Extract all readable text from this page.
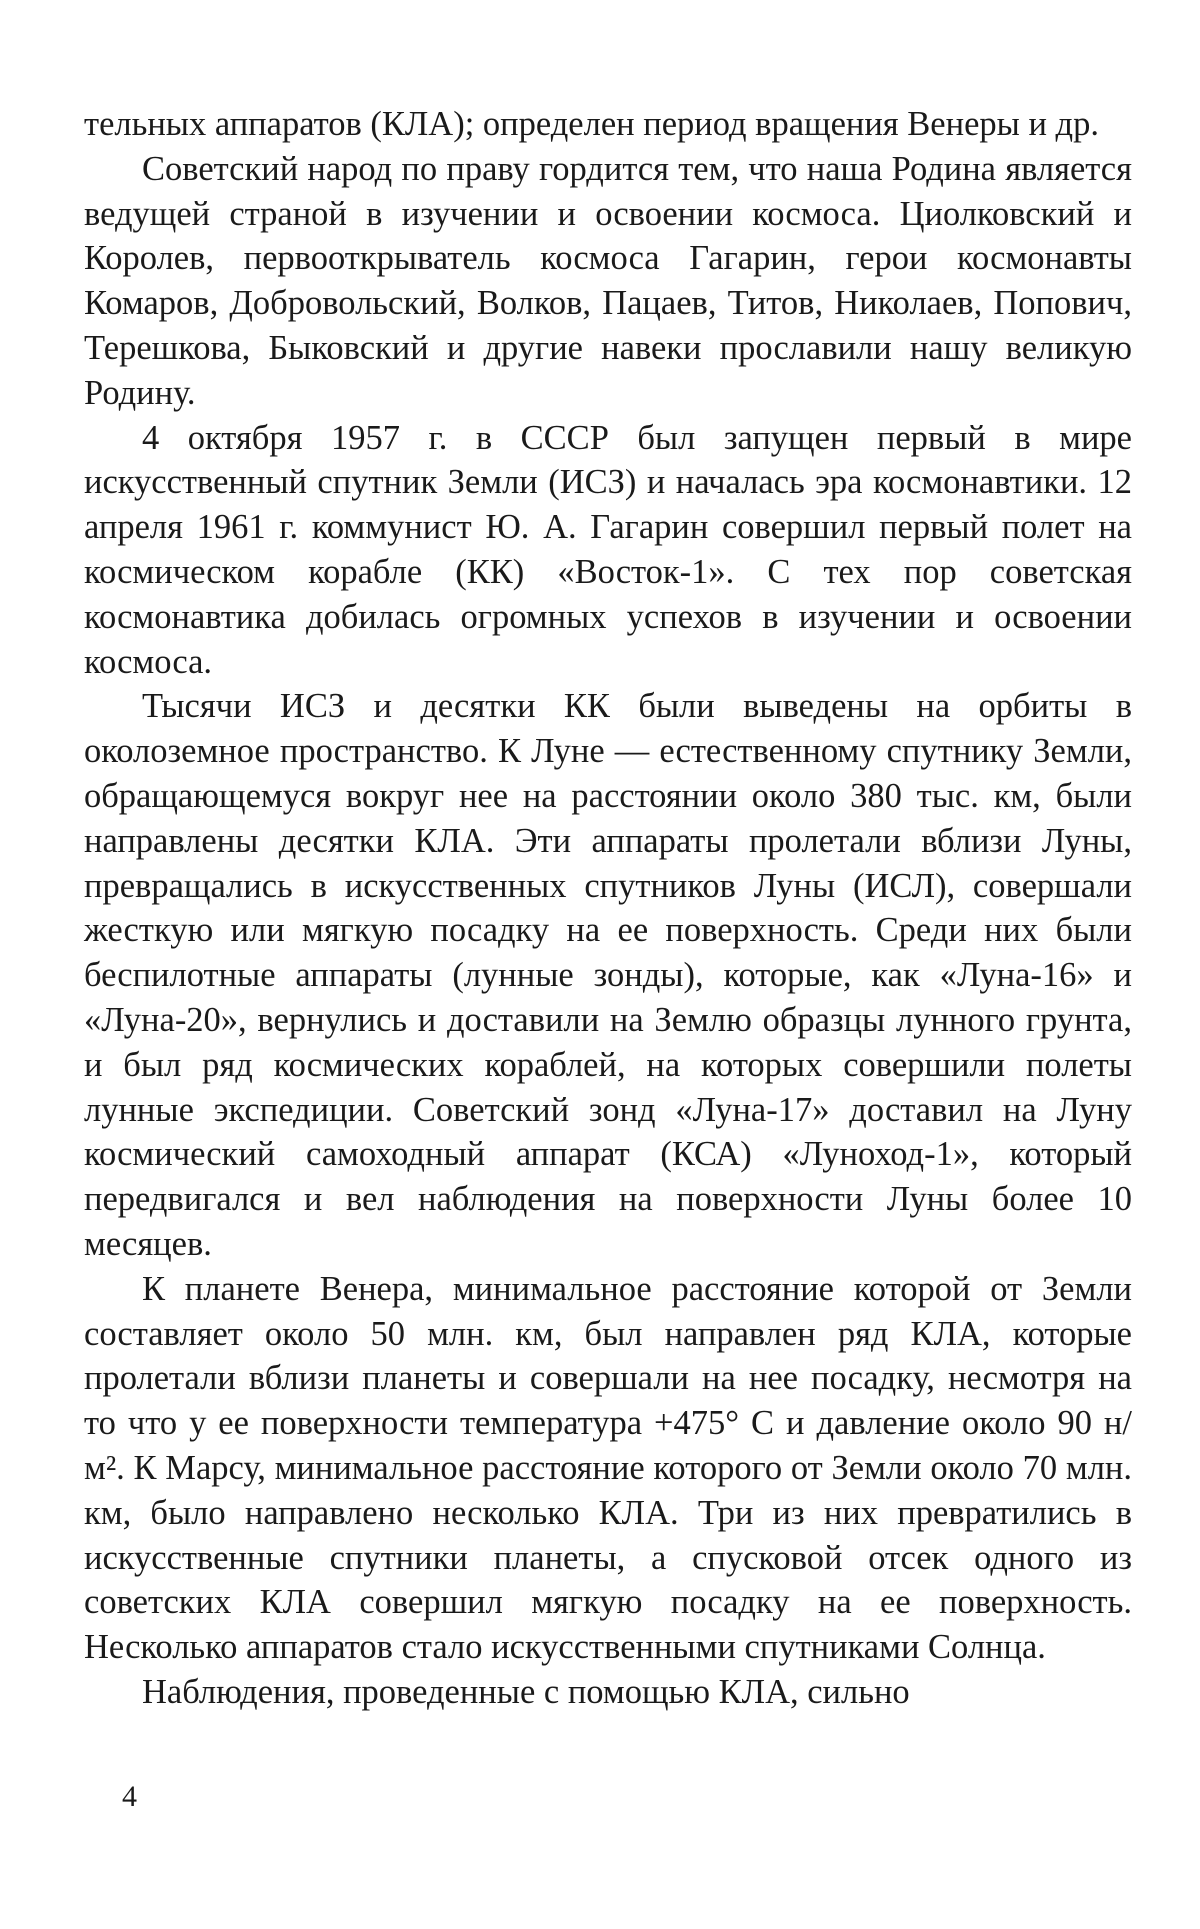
тельных аппаратов (КЛА); определен период вращения Венеры и др.

Советский народ по праву гордится тем, что наша Родина является ведущей страной в изучении и освоении космоса. Циолковский и Королев, первооткрыватель космоса Гагарин, герои космонавты Комаров, Добровольский, Волков, Пацаев, Титов, Николаев, Попович, Терешкова, Быковский и другие навеки прославили нашу великую Родину.

4 октября 1957 г. в СССР был запущен первый в мире искусственный спутник Земли (ИСЗ) и началась эра космонавтики. 12 апреля 1961 г. коммунист Ю. А. Гагарин совершил первый полет на космическом корабле (КК) «Восток-1». С тех пор советская космонавтика добилась огромных успехов в изучении и освоении космоса.

Тысячи ИСЗ и десятки КК были выведены на орбиты в околоземное пространство. К Луне — естественному спутнику Земли, обращающемуся вокруг нее на расстоянии около 380 тыс. км, были направлены десятки КЛА. Эти аппараты пролетали вблизи Луны, превращались в искусственных спутников Луны (ИСЛ), совершали жесткую или мягкую посадку на ее поверхность. Среди них были беспилотные аппараты (лунные зонды), которые, как «Луна-16» и «Луна-20», вернулись и доставили на Землю образцы лунного грунта, и был ряд космических кораблей, на которых совершили полеты лунные экспедиции. Советский зонд «Луна-17» доставил на Луну космический самоходный аппарат (КСА) «Луноход-1», который передвигался и вел наблюдения на поверхности Луны более 10 месяцев.

К планете Венера, минимальное расстояние которой от Земли составляет около 50 млн. км, был направлен ряд КЛА, которые пролетали вблизи планеты и совершали на нее посадку, несмотря на то что у ее поверхности температура +475° С и давление около 90 н/м². К Марсу, минимальное расстояние которого от Земли около 70 млн. км, было направлено несколько КЛА. Три из них превратились в искусственные спутники планеты, а спусковой отсек одного из советских КЛА совершил мягкую посадку на ее поверхность. Несколько аппаратов стало искусственными спутниками Солнца.

Наблюдения, проведенные с помощью КЛА, сильно

4
